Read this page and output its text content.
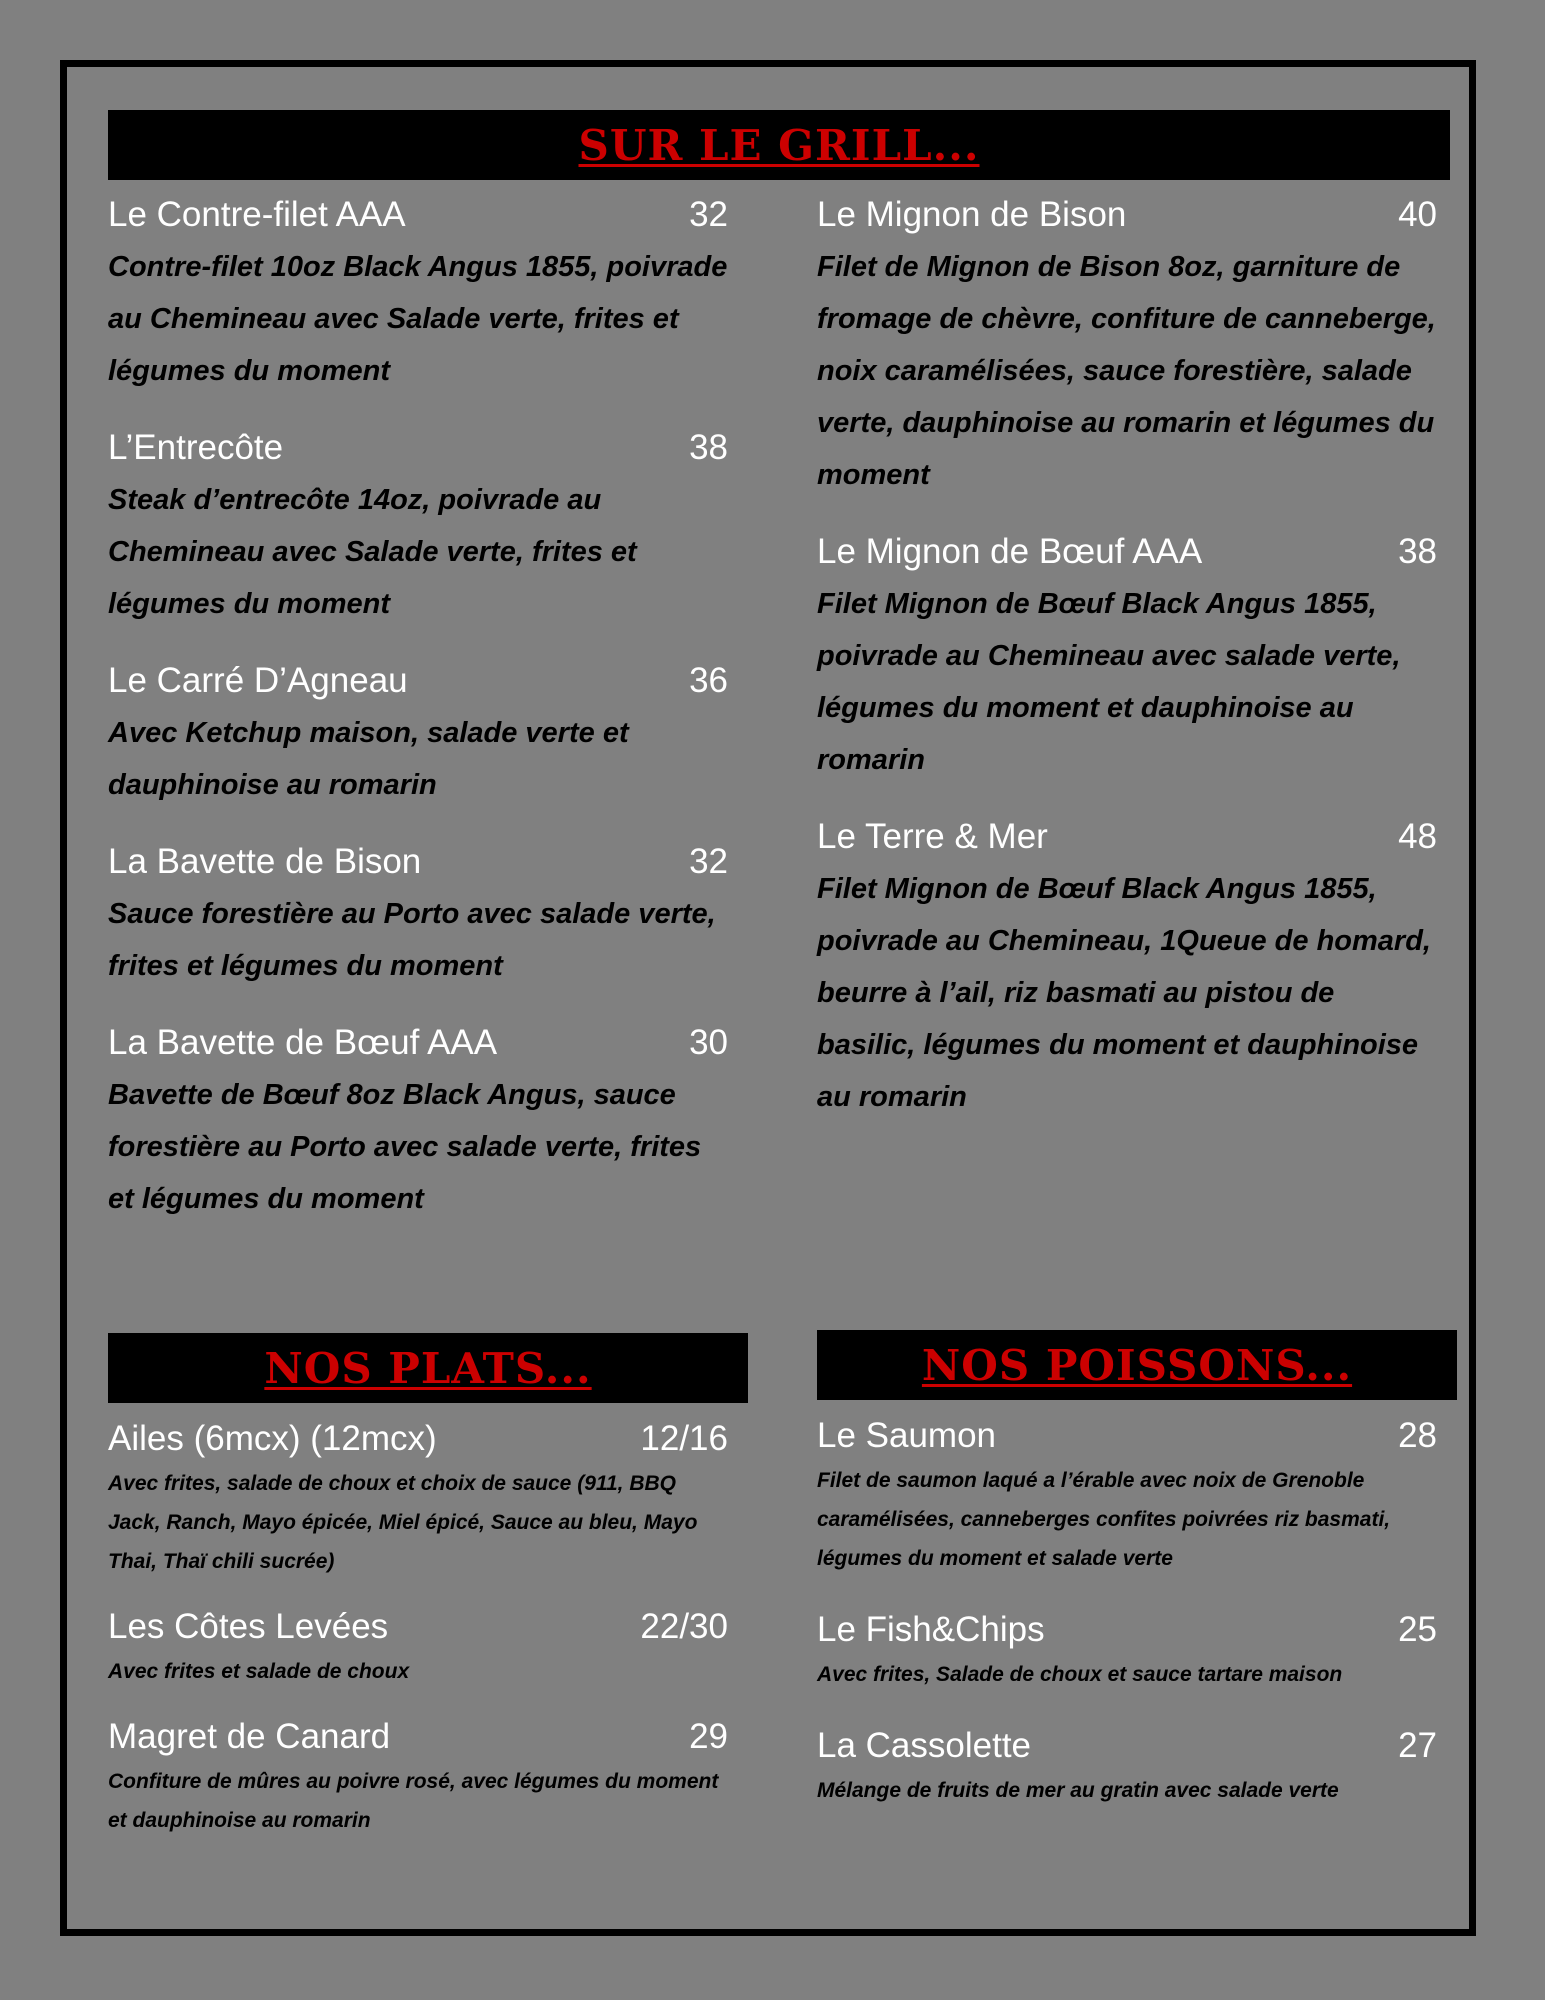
SUR LE GRILL...
Le Contre-filet AAA	32
Contre-filet 10oz Black Angus 1855, poivrade au Chemineau avec Salade verte, frites et légumes du moment
L’Entrecôte	38
Steak d’entrecôte 14oz, poivrade au Chemineau avec Salade verte, frites et légumes du moment
Le Carré D’Agneau	36
Avec Ketchup maison, salade verte et dauphinoise au romarin
La Bavette de Bison	32
Sauce forestière au Porto avec salade verte, frites et légumes du moment
La Bavette de Bœuf AAA	30
Bavette de Bœuf 8oz Black Angus, sauce forestière au Porto avec salade verte, frites et légumes du moment
Le Mignon de Bison	40
Filet de Mignon de Bison 8oz, garniture de fromage de chèvre, confiture de canneberge, noix caramélisées, sauce forestière, salade verte, dauphinoise au romarin et légumes du moment
Le Mignon de Bœuf AAA	38
Filet Mignon de Bœuf Black Angus 1855, poivrade au Chemineau avec salade verte, légumes du moment et dauphinoise au romarin
Le Terre & Mer	48
Filet Mignon de Bœuf Black Angus 1855, poivrade au Chemineau, 1Queue de homard, beurre à l’ail, riz basmati au pistou de basilic, légumes du moment et dauphinoise au romarin
NOS PLATS...
Ailes (6mcx) (12mcx)	12/16
Avec frites, salade de choux et choix de sauce (911, BBQ Jack, Ranch, Mayo épicée, Miel épicé, Sauce au bleu, Mayo Thai, Thaï chili sucrée)
Les Côtes Levées	22/30
Avec frites et salade de choux
Magret de Canard	29
Confiture de mûres au poivre rosé, avec légumes du moment et dauphinoise au romarin
NOS POISSONS...
Le Saumon	28
Filet de saumon laqué a l’érable avec noix de Grenoble caramélisées, canneberges confites poivrées riz basmati, légumes du moment et salade verte
Le Fish&Chips	25
Avec frites, Salade de choux et sauce tartare maison
La Cassolette	27
Mélange de fruits de mer au gratin avec salade verte
